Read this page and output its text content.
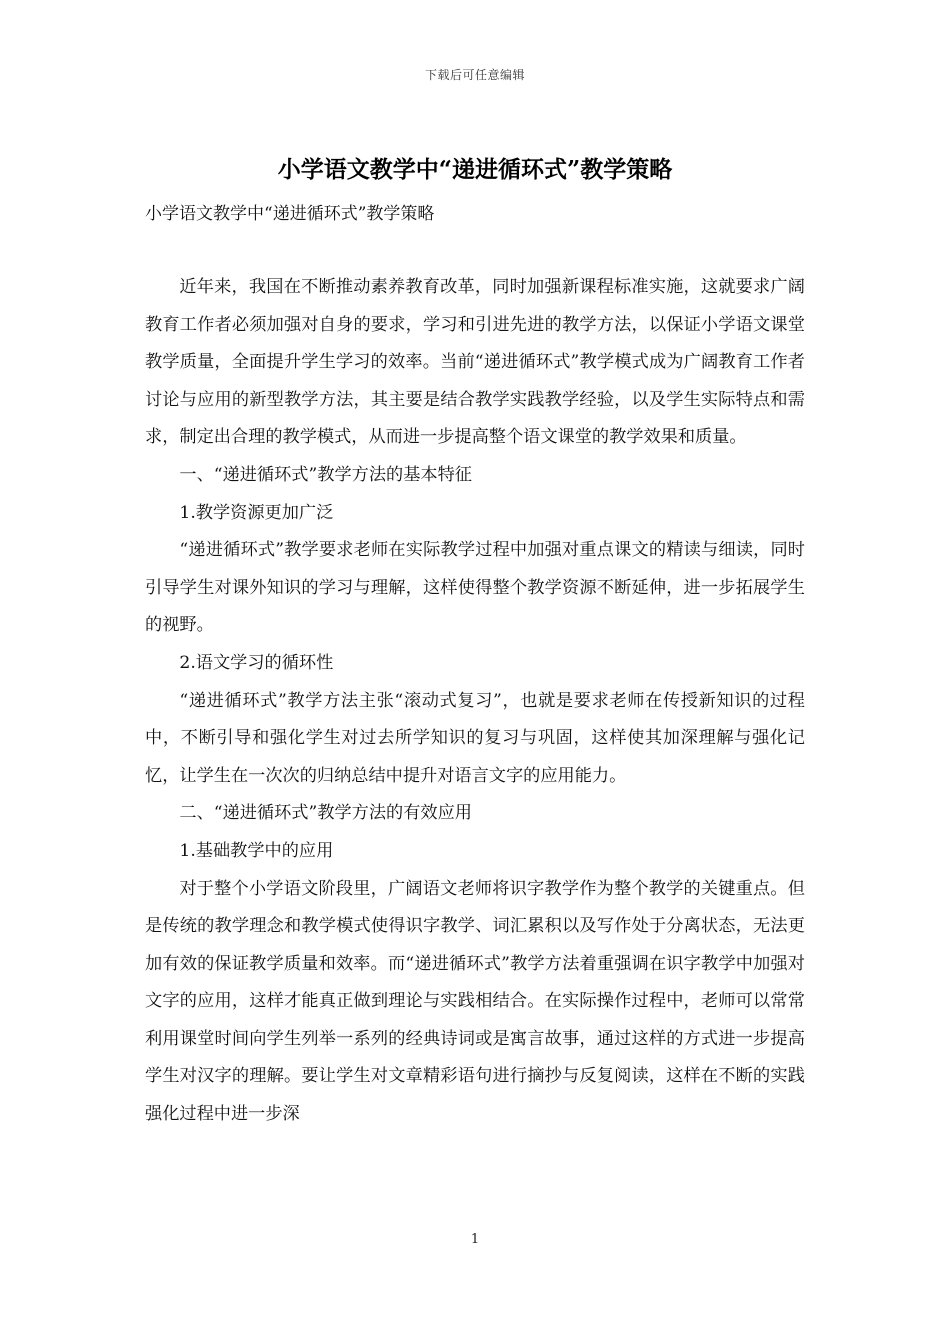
下载后可任意编辑
小学语文教学中“递进循环式”教学策略

小学语文教学中“递进循环式”教学策略

近年来，我国在不断推动素养教育改革，同时加强新课程标准实施，这就要求广阔教育工作者必须加强对自身的要求，学习和引进先进的教学方法，以保证小学语文课堂教学质量，全面提升学生学习的效率。当前“递进循环式”教学模式成为广阔教育工作者讨论与应用的新型教学方法，其主要是结合教学实践教学经验，以及学生实际特点和需求，制定出合理的教学模式，从而进一步提高整个语文课堂的教学效果和质量。

一、“递进循环式”教学方法的基本特征

1.教学资源更加广泛

“递进循环式”教学要求老师在实际教学过程中加强对重点课文的精读与细读，同时引导学生对课外知识的学习与理解，这样使得整个教学资源不断延伸，进一步拓展学生的视野。

2.语文学习的循环性

“递进循环式”教学方法主张“滚动式复习”，也就是要求老师在传授新知识的过程中，不断引导和强化学生对过去所学知识的复习与巩固，这样使其加深理解与强化记忆，让学生在一次次的归纳总结中提升对语言文字的应用能力。

二、“递进循环式”教学方法的有效应用

1.基础教学中的应用

对于整个小学语文阶段里，广阔语文老师将识字教学作为整个教学的关键重点。但是传统的教学理念和教学模式使得识字教学、词汇累积以及写作处于分离状态，无法更加有效的保证教学质量和效率。而“递进循环式”教学方法着重强调在识字教学中加强对文字的应用，这样才能真正做到理论与实践相结合。在实际操作过程中，老师可以常常利用课堂时间向学生列举一系列的经典诗词或是寓言故事，通过这样的方式进一步提高学生对汉字的理解。要让学生对文章精彩语句进行摘抄与反复阅读，这样在不断的实践强化过程中进一步深

1
